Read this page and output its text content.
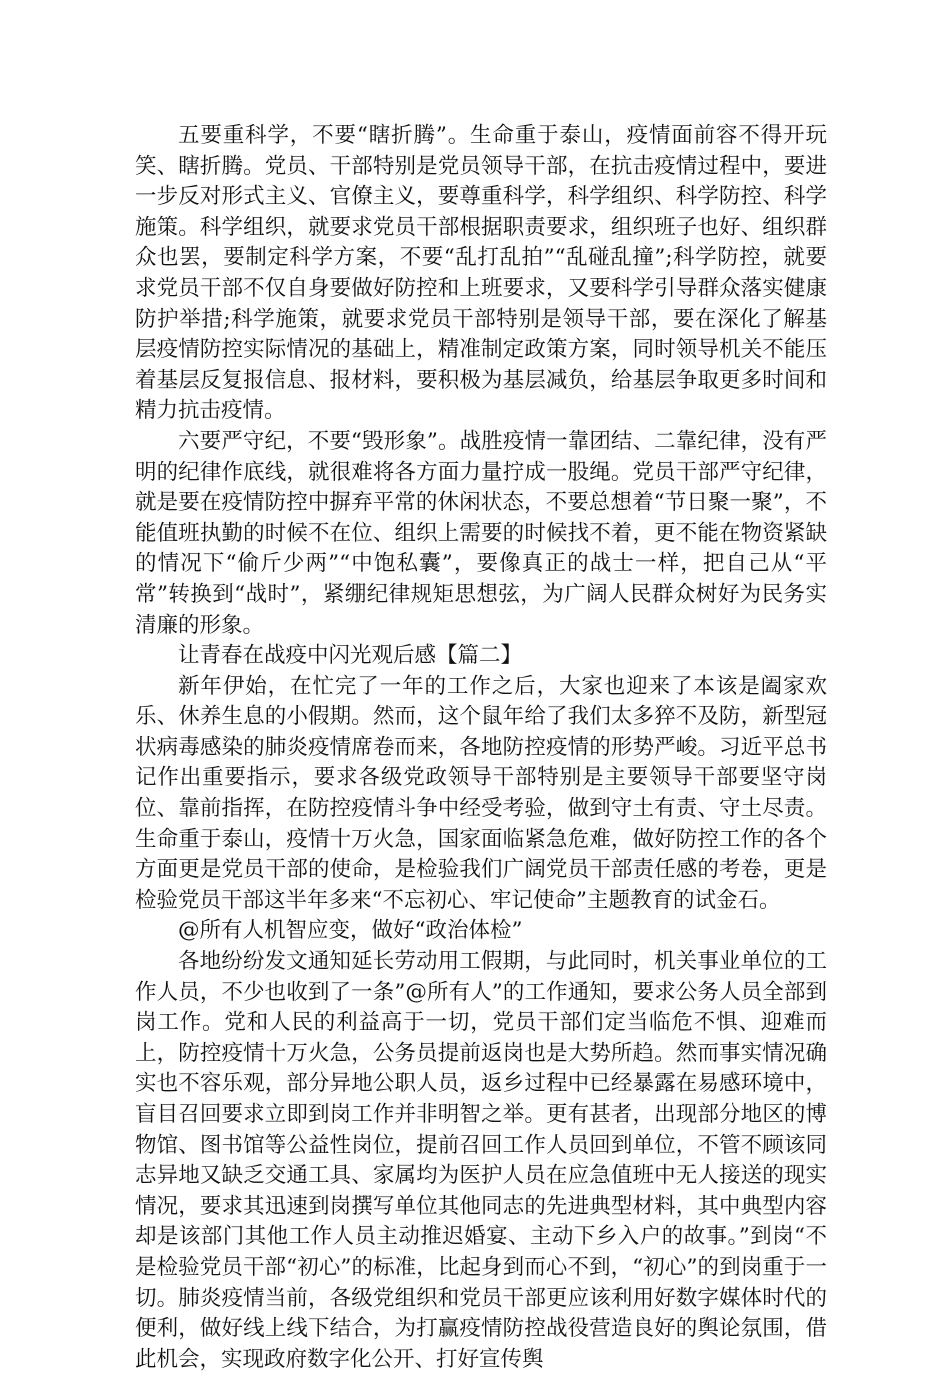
五要重科学，不要“瞎折腾”。生命重于泰山，疫情面前容不得开玩笑、瞎折腾。党员、干部特别是党员领导干部，在抗击疫情过程中，要进一步反对形式主义、官僚主义，要尊重科学，科学组织、科学防控、科学施策。科学组织，就要求党员干部根据职责要求，组织班子也好、组织群众也罢，要制定科学方案，不要“乱打乱拍”“乱碰乱撞”;科学防控，就要求党员干部不仅自身要做好防控和上班要求，又要科学引导群众落实健康防护举措;科学施策，就要求党员干部特别是领导干部，要在深化了解基层疫情防控实际情况的基础上，精准制定政策方案，同时领导机关不能压着基层反复报信息、报材料，要积极为基层减负，给基层争取更多时间和精力抗击疫情。

六要严守纪，不要“毁形象”。战胜疫情一靠团结、二靠纪律，没有严明的纪律作底线，就很难将各方面力量拧成一股绳。党员干部严守纪律，就是要在疫情防控中摒弃平常的休闲状态，不要总想着“节日聚一聚”，不能值班执勤的时候不在位、组织上需要的时候找不着，更不能在物资紧缺的情况下“偷斤少两”“中饱私囊”，要像真正的战士一样，把自己从“平常”转换到“战时”，紧绷纪律规矩思想弦，为广阔人民群众树好为民务实清廉的形象。

让青春在战疫中闪光观后感【篇二】

新年伊始，在忙完了一年的工作之后，大家也迎来了本该是阖家欢乐、休养生息的小假期。然而，这个鼠年给了我们太多猝不及防，新型冠状病毒感染的肺炎疫情席卷而来，各地防控疫情的形势严峻。习近平总书记作出重要指示，要求各级党政领导干部特别是主要领导干部要坚守岗位、靠前指挥，在防控疫情斗争中经受考验，做到守土有责、守土尽责。生命重于泰山，疫情十万火急，国家面临紧急危难，做好防控工作的各个方面更是党员干部的使命，是检验我们广阔党员干部责任感的考卷，更是检验党员干部这半年多来“不忘初心、牢记使命”主题教育的试金石。

@所有人机智应变，做好“政治体检”

各地纷纷发文通知延长劳动用工假期，与此同时，机关事业单位的工作人员，不少也收到了一条”@所有人”的工作通知，要求公务人员全部到岗工作。党和人民的利益高于一切，党员干部们定当临危不惧、迎难而上，防控疫情十万火急，公务员提前返岗也是大势所趋。然而事实情况确实也不容乐观，部分异地公职人员，返乡过程中已经暴露在易感环境中，盲目召回要求立即到岗工作并非明智之举。更有甚者，出现部分地区的博物馆、图书馆等公益性岗位，提前召回工作人员回到单位，不管不顾该同志异地又缺乏交通工具、家属均为医护人员在应急值班中无人接送的现实情况，要求其迅速到岗撰写单位其他同志的先进典型材料，其中典型内容却是该部门其他工作人员主动推迟婚宴、主动下乡入户的故事。”到岗“不是检验党员干部“初心”的标准，比起身到而心不到，“初心”的到岗重于一切。肺炎疫情当前，各级党组织和党员干部更应该利用好数字媒体时代的便利，做好线上线下结合，为打赢疫情防控战役营造良好的舆论氛围，借此机会，实现政府数字化公开、打好宣传舆
